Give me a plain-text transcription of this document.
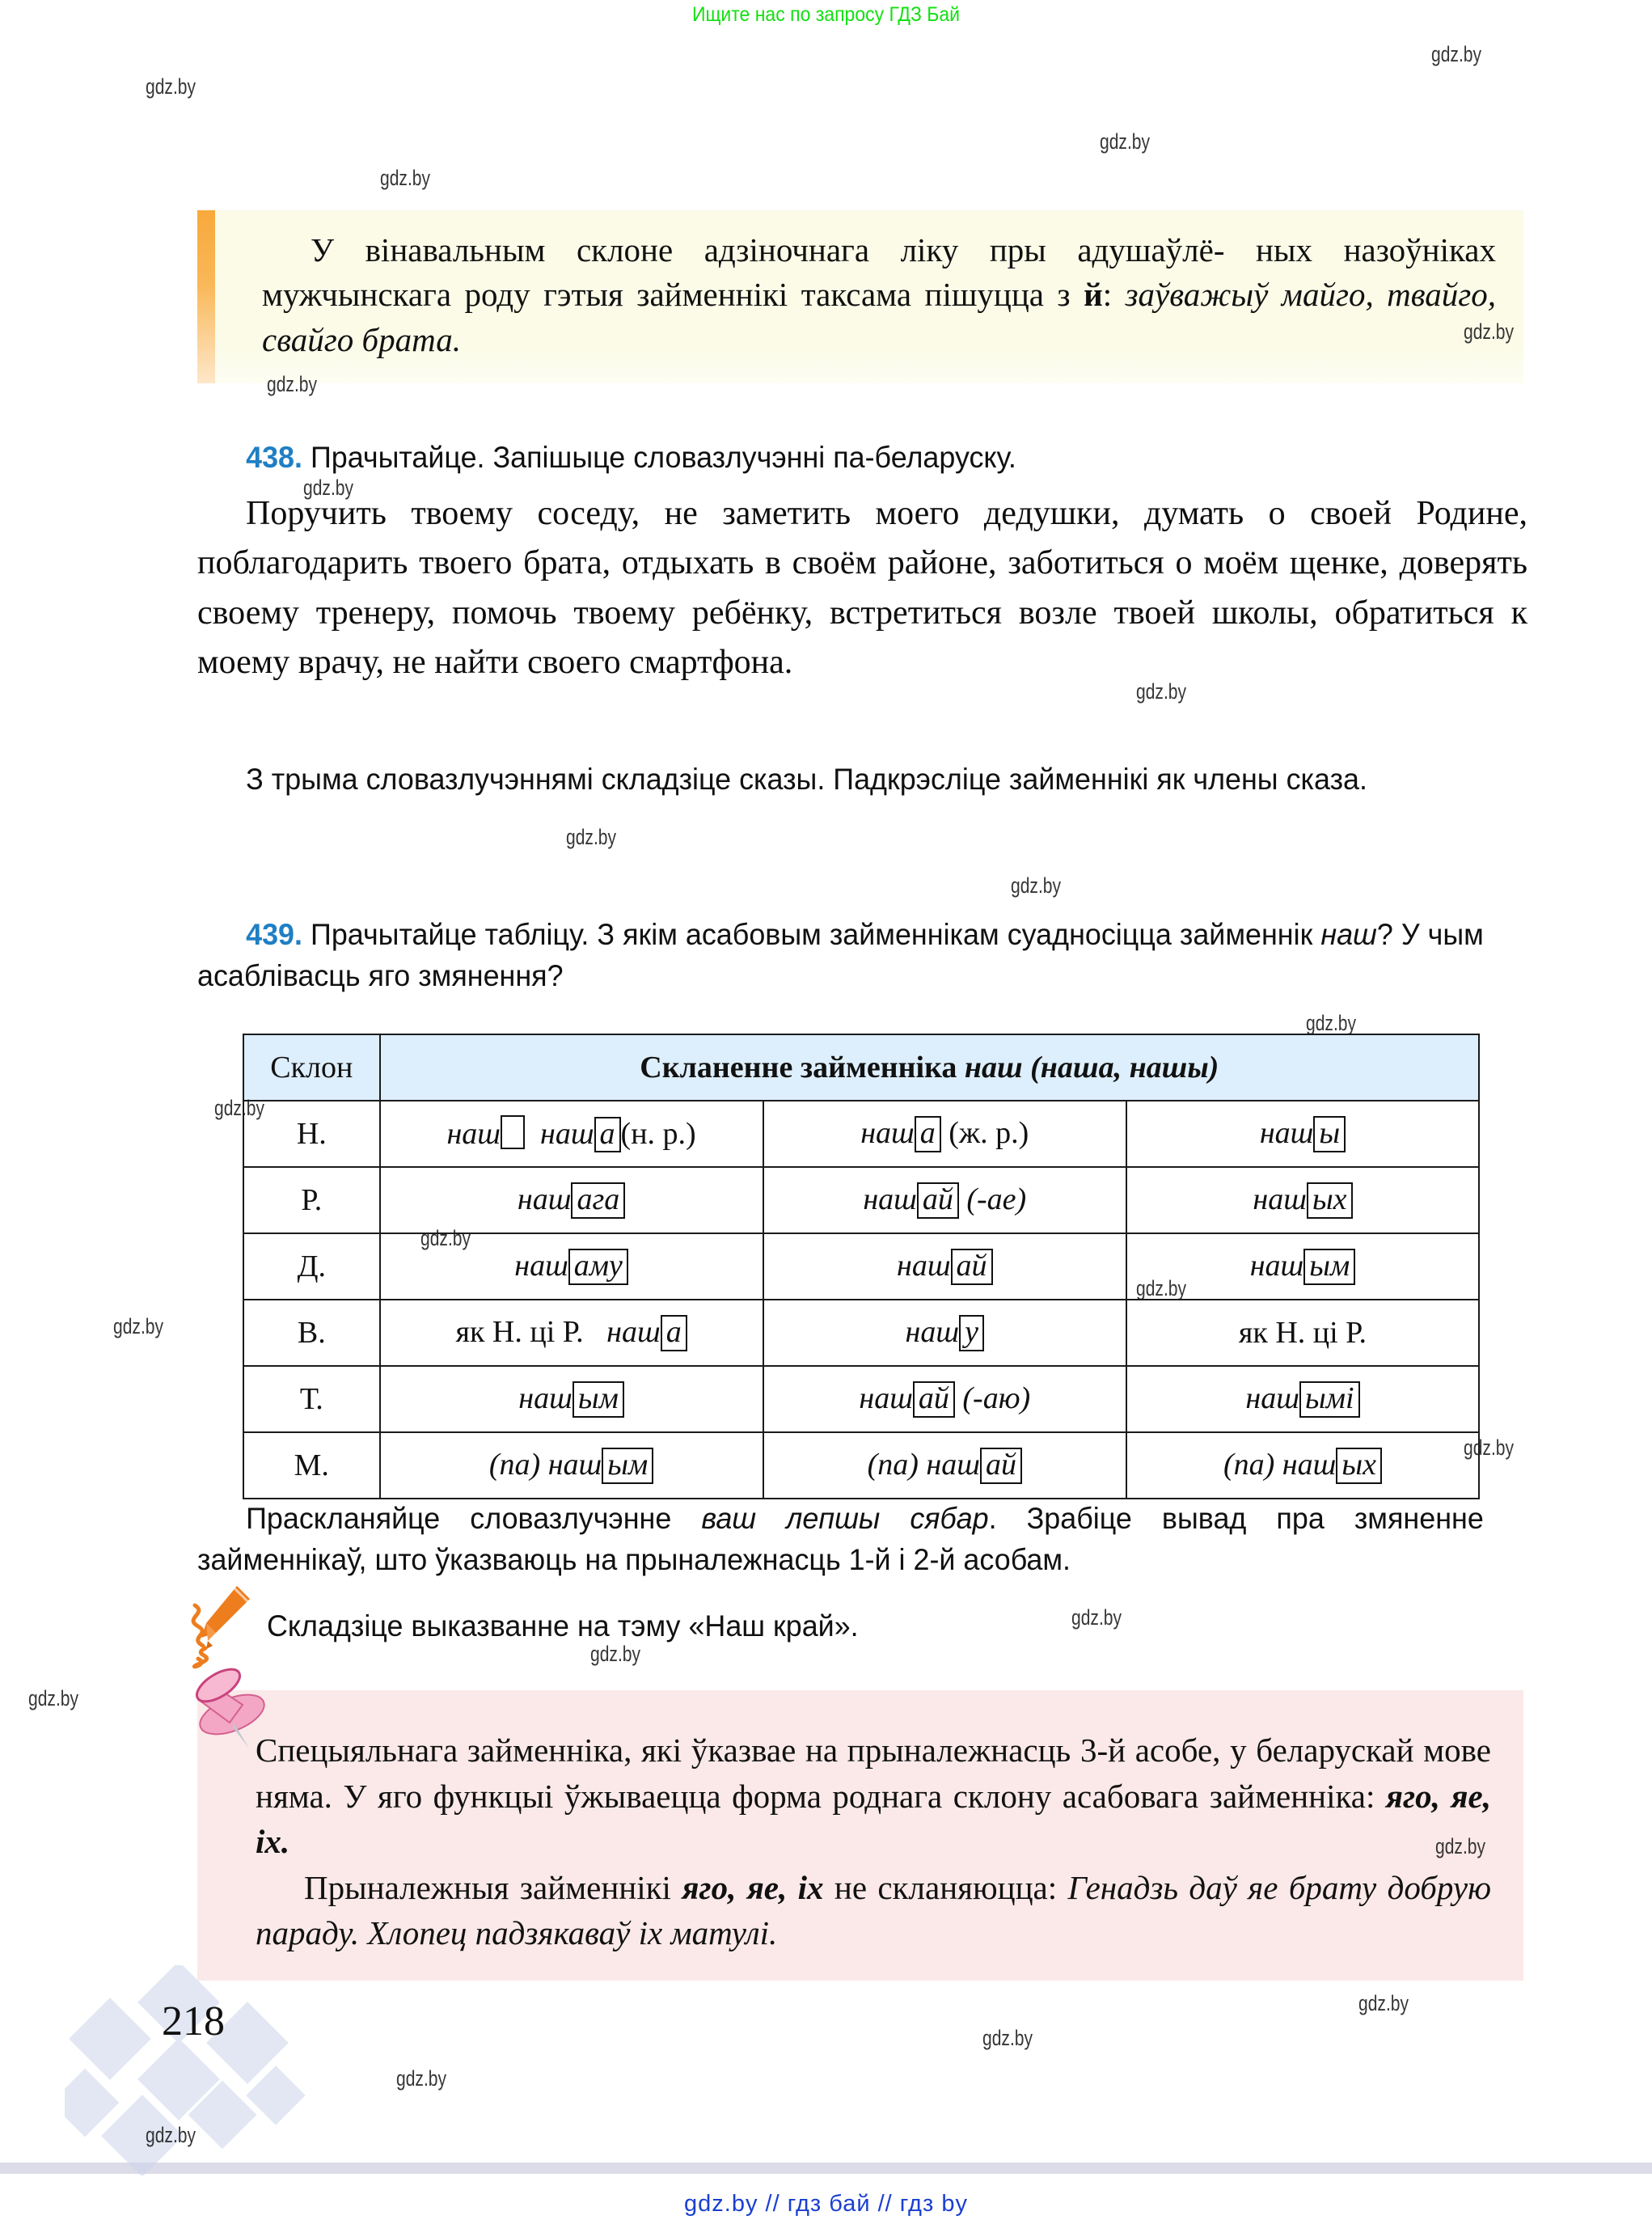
Ищите нас по запросу ГДЗ Бай

У вінавальным склоне адзіночнага ліку пры адушаўлё- ных назоўніках мужчынскага роду гэтыя займеннікі таксама пішуцца з й: заўважыў майго, твайго, свайго брата.

438. Прачытайце. Запішыце словазлучэнні па-беларуску.
Поручить твоему соседу, не заметить моего дедушки, думать о своей Родине, поблагодарить твоего брата, отдыхать в своём районе, заботиться о моём щенке, доверять своему тренеру, помочь твоему ребёнку, встретиться возле твоей школы, обратиться к моему врачу, не найти своего смартфона.
З трыма словазлучэннямі складзіце сказы. Падкрэсліце займеннікі як члены сказа.
439. Прачытайце табліцу. З якім асабовым займеннікам суадносіцца займеннік наш? У чым асаблівасць яго змянення?
Склон	Скланенне займенніка наш (наша, нашы)		
Н.	наш наш а (н. р.)	наш а (ж. р.)	наш ы
Р.	наш ага	наш ай (-ае)	наш ых
Д.	наш аму	наш ай	наш ым
В.	як Н. ці Р. наш а	наш у	як Н. ці Р.
Т.	наш ым	наш ай (-аю)	наш ымі
М.	(па) наш ым	(па) наш ай	(па) наш ых
Прaскланяйце словазлучэнне ваш лепшы сябар. Зрабіце вывад пра змяненне займеннікаў, што ўказваюць на прыналежнасць 1-й і 2-й асобам.
Складзіце выказванне на тэму «Наш край».

Спецыяльнага займенніка, які ўказвае на прыналежнасць 3-й асобе, у беларускай мове няма. У яго функцыі ўжываецца форма роднага склону асабовага займенніка: яго, яе, іх.

Прыналежныя займеннікі яго, яе, іх не скланяюцца: Генадзь даў яе брату добрую параду. Хлопец падзякаваў іх матулі.

218
gdz.by
gdz.by
gdz.by
gdz.by
gdz.by
gdz.by
gdz.by
gdz.by
gdz.by
gdz.by
gdz.by
gdz.by
gdz.by
gdz.by
gdz.by
gdz.by
gdz.by
gdz.by
gdz.by
gdz.by
gdz.by
gdz.by
gdz.by
gdz.by
gdz.by // гдз бай // гдз by
